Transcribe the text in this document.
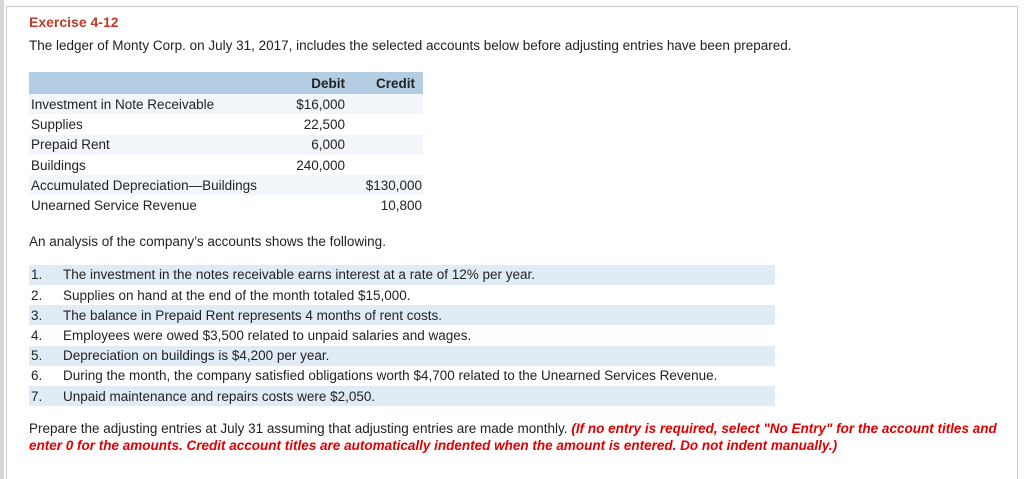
Exercise 4-12
The ledger of Monty Corp. on July 31, 2017, includes the selected accounts below before adjusting entries have been prepared.
	Debit	Credit
Investment in Note Receivable	$16,000	
Supplies	22,500	
Prepaid Rent	6,000	
Buildings	240,000	
Accumulated Depreciation—Buildings		$130,000
Unearned Service Revenue		10,800
An analysis of the company’s accounts shows the following.
1.	The investment in the notes receivable earns interest at a rate of 12% per year.
2.	Supplies on hand at the end of the month totaled $15,000.
3.	The balance in Prepaid Rent represents 4 months of rent costs.
4.	Employees were owed $3,500 related to unpaid salaries and wages.
5.	Depreciation on buildings is $4,200 per year.
6.	During the month, the company satisfied obligations worth $4,700 related to the Unearned Services Revenue.
7.	Unpaid maintenance and repairs costs were $2,050.
Prepare the adjusting entries at July 31 assuming that adjusting entries are made monthly. (If no entry is required, select "No Entry" for the account titles and enter 0 for the amounts. Credit account titles are automatically indented when the amount is entered. Do not indent manually.)
